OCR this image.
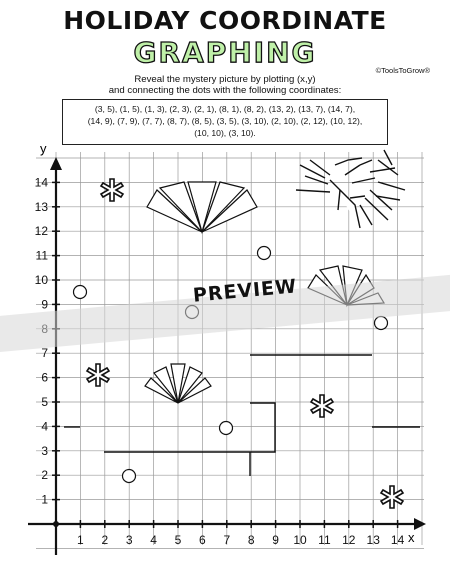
HOLIDAY COORDINATE
GRAPHING
©ToolsToGrow®
Reveal the mystery picture by plotting (x,y)
and connecting the dots with the following coordinates:
(3, 5), (1, 5), (1, 3), (2, 3), (2, 1), (8, 1), (8, 2), (13, 2), (13, 7), (14, 7),
(14, 9), (7, 9), (7, 7), (8, 7), (8, 5), (3, 5), (3, 10), (2, 10), (2, 12), (10, 12),
(10, 10), (3, 10).
1 2 3 4 5 6 7 8 9 10 11 12 13 14
1
2
3
4
5
6
7
9
10
11
12
13
14
x
y
PREVIEW
